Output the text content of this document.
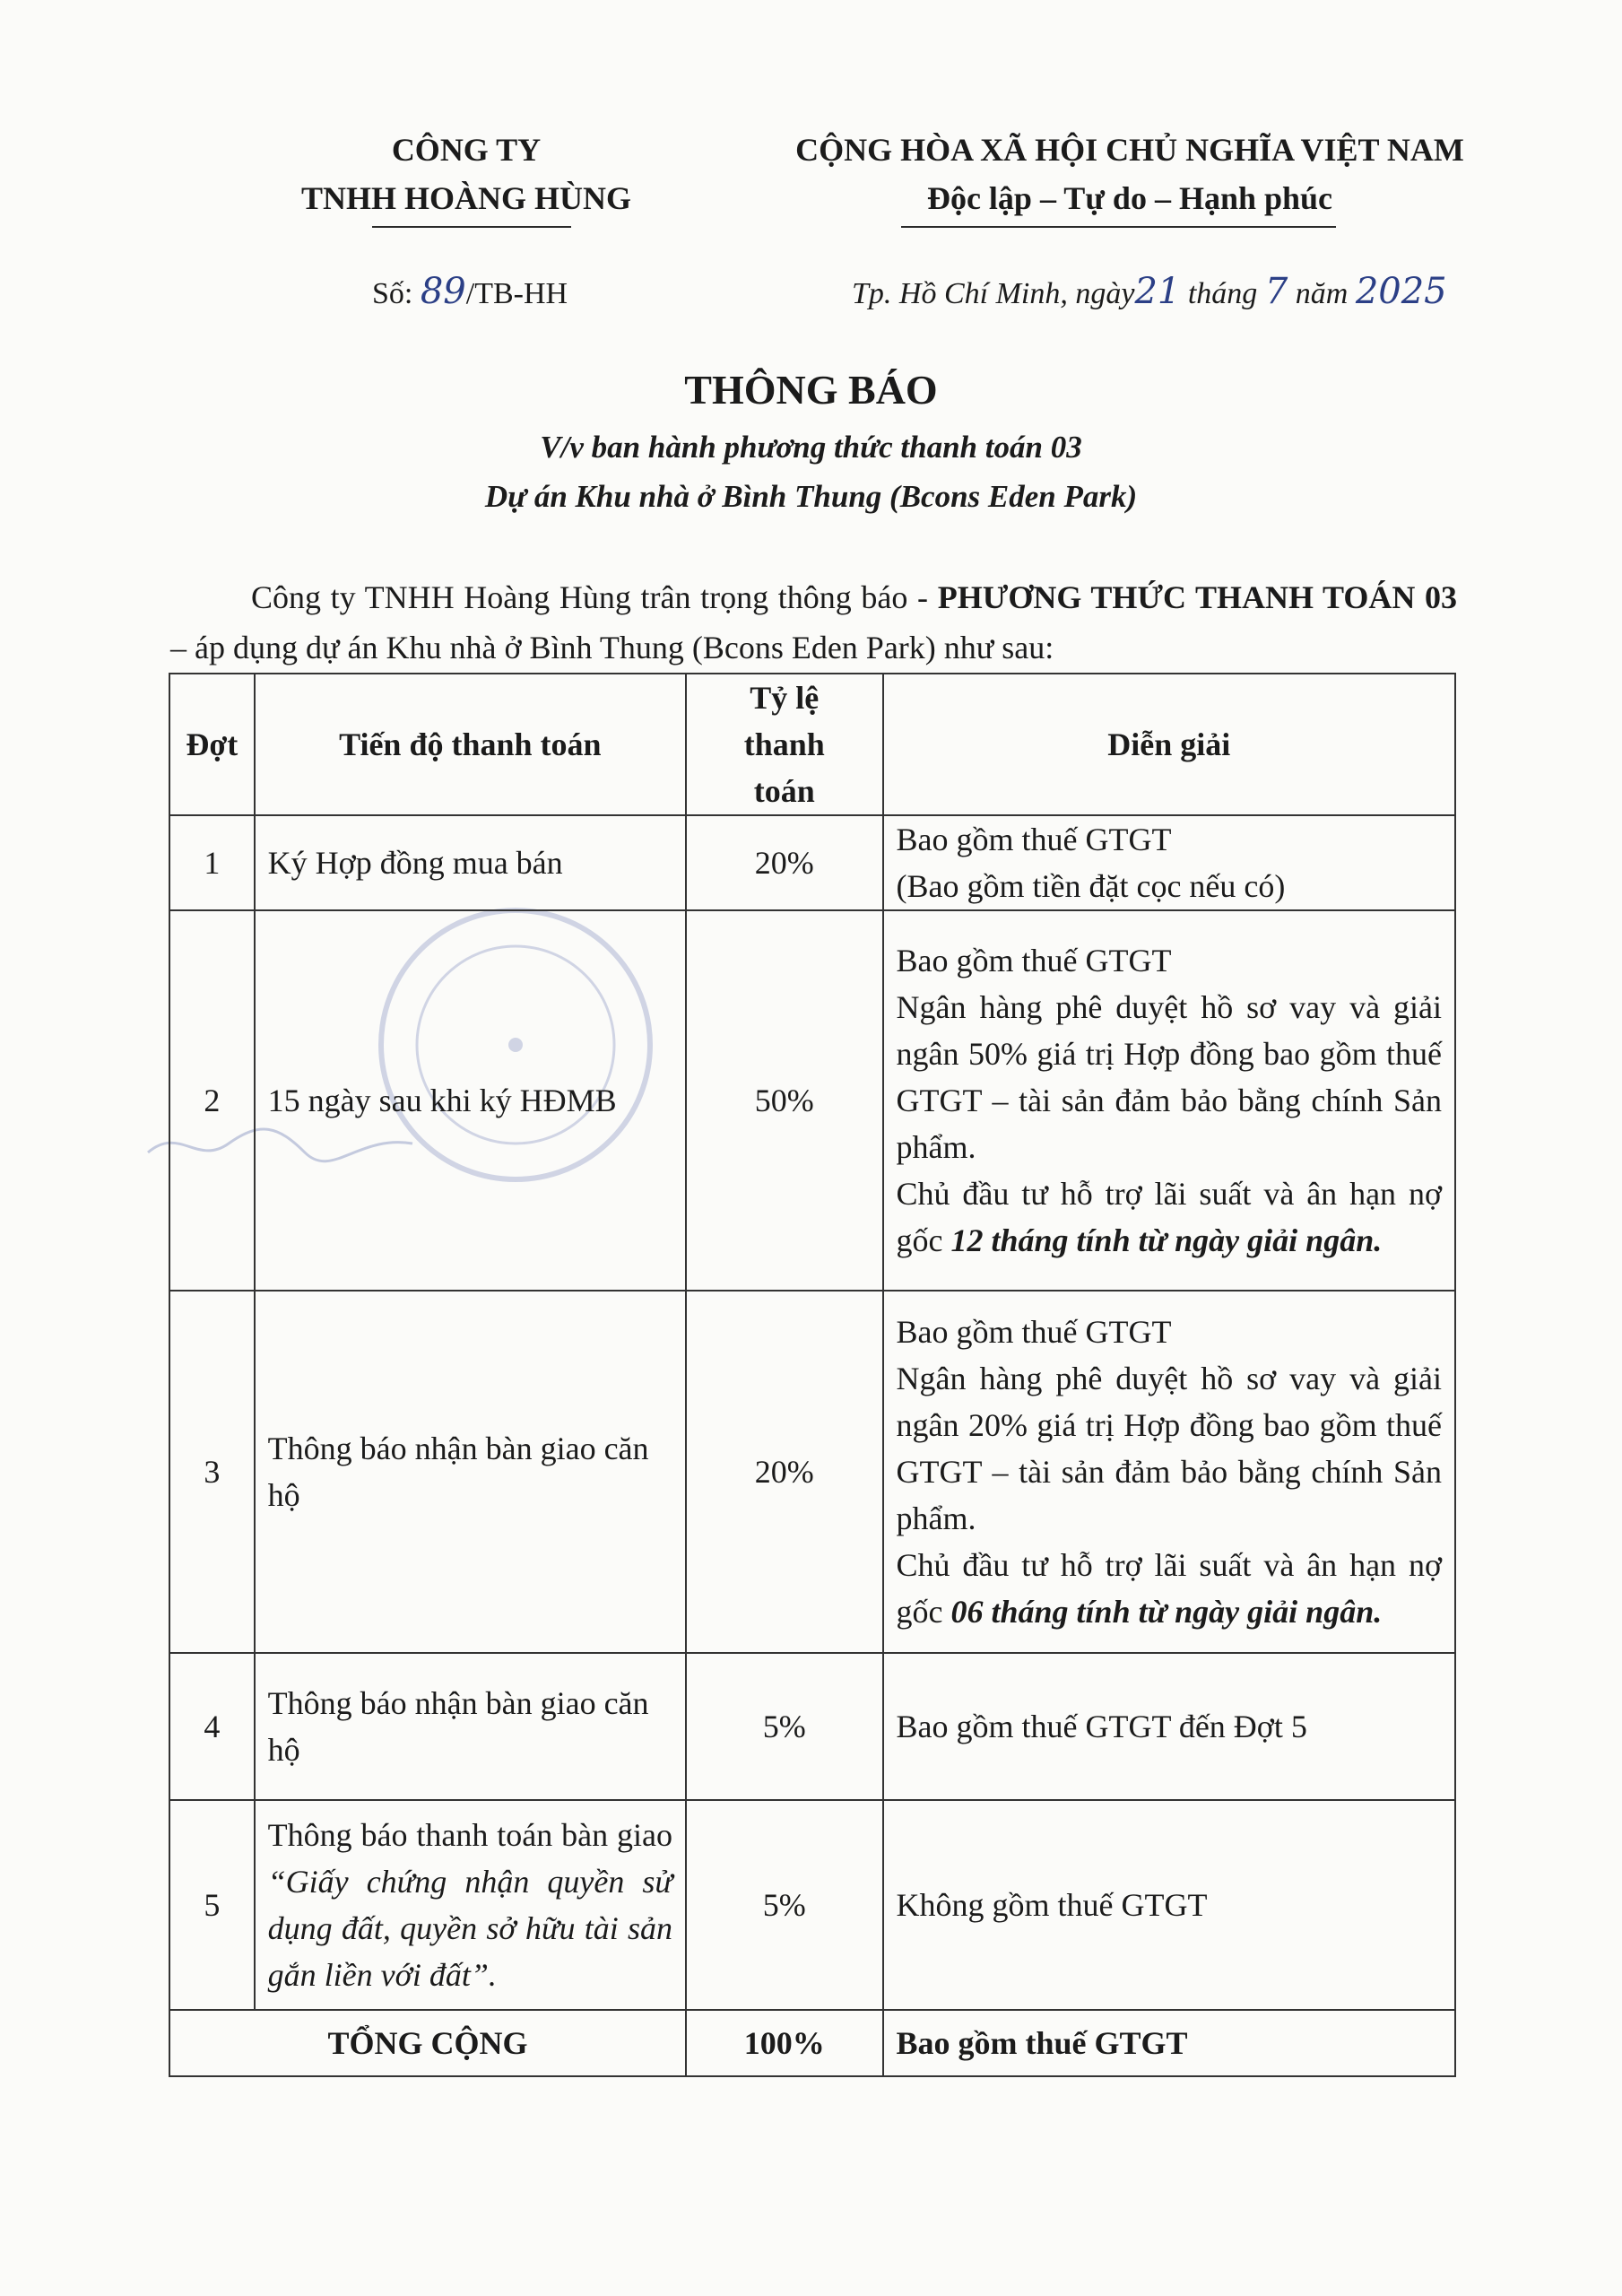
CÔNG TY
TNHH HOÀNG HÙNG
CỘNG HÒA XÃ HỘI CHỦ NGHĨA VIỆT NAM
Độc lập – Tự do – Hạnh phúc
Số: 89/TB-HH	Tp. Hồ Chí Minh, ngày21 tháng 7 năm 2025
THÔNG BÁO
V/v ban hành phương thức thanh toán 03
Dự án Khu nhà ở Bình Thung (Bcons Eden Park)

Công ty TNHH Hoàng Hùng trân trọng thông báo - PHƯƠNG THỨC THANH TOÁN 03 – áp dụng dự án Khu nhà ở Bình Thung (Bcons Eden Park) như sau:

Đợt	Tiến độ thanh toán	Tỷ lệ thanh toán	Diễn giải
1	Ký Hợp đồng mua bán	20%	Bao gồm thuế GTGT
(Bao gồm tiền đặt cọc nếu có)

2	15 ngày sau khi ký HĐMB	50%	Bao gồm thuế GTGT
Ngân hàng phê duyệt hồ sơ vay và giải ngân 50% giá trị Hợp đồng bao gồm thuế GTGT – tài sản đảm bảo bằng chính Sản phẩm.
Chủ đầu tư hỗ trợ lãi suất và ân hạn nợ gốc 12 tháng tính từ ngày giải ngân.

3	Thông báo nhận bàn giao căn hộ	20%	Bao gồm thuế GTGT
Ngân hàng phê duyệt hồ sơ vay và giải ngân 20% giá trị Hợp đồng bao gồm thuế GTGT – tài sản đảm bảo bằng chính Sản phẩm.
Chủ đầu tư hỗ trợ lãi suất và ân hạn nợ gốc 06 tháng tính từ ngày giải ngân.

4	Thông báo nhận bàn giao căn hộ	5%	Bao gồm thuế GTGT đến Đợt 5
5	Thông báo thanh toán bàn giao “Giấy chứng nhận quyền sử dụng đất, quyền sở hữu tài sản gắn liền với đất”.	5%	Không gồm thuế GTGT
TỔNG CỘNG		100%	Bao gồm thuế GTGT
